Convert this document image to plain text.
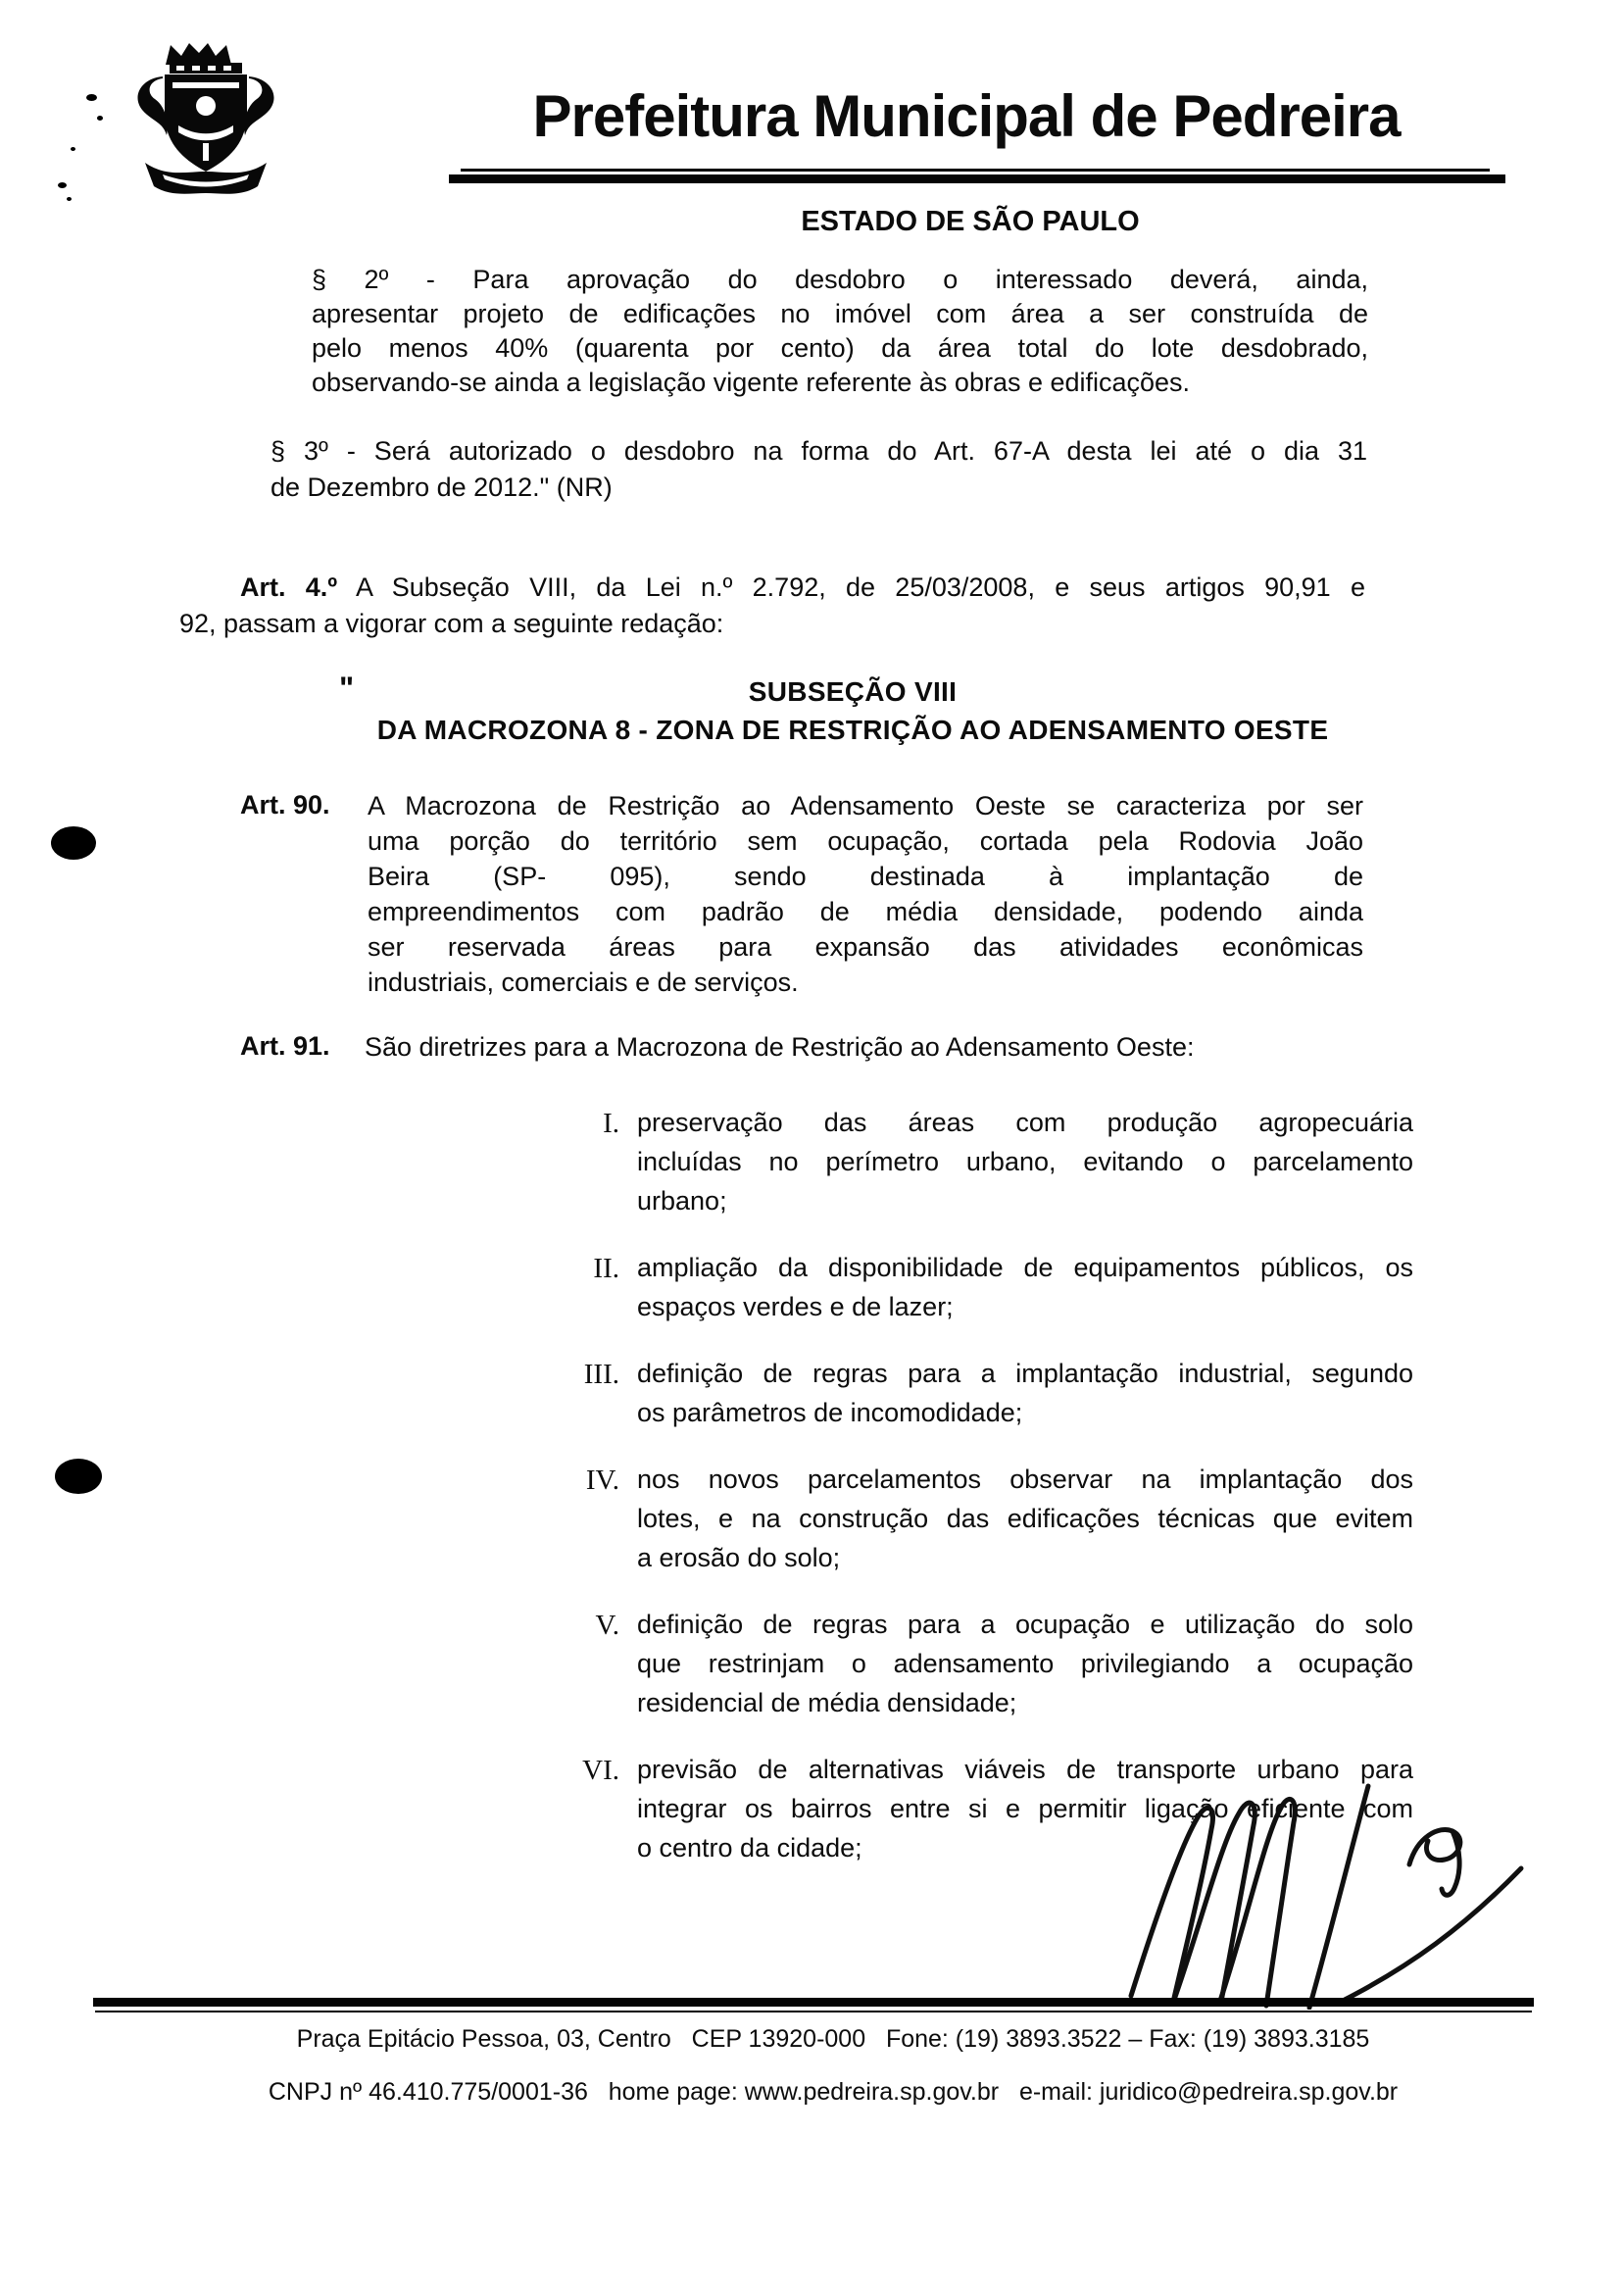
Prefeitura Municipal de Pedreira
ESTADO DE SÃO PAULO
§ 2º - Para aprovação do desdobro o interessado deverá, ainda,
apresentar projeto de edificações no imóvel com área a ser construída de
pelo menos 40% (quarenta por cento) da área total do lote desdobrado,
observando-se ainda a legislação vigente referente às obras e edificações.
§ 3º - Será autorizado o desdobro na forma do Art. 67-A desta lei até o dia 31
de Dezembro de 2012." (NR)
Art. 4.º A Subseção VIII, da Lei n.º 2.792, de 25/03/2008, e seus artigos 90,91 e
92, passam a vigorar com a seguinte redação:
"	SUBSEÇÃO VIII
DA MACROZONA 8 - ZONA DE RESTRIÇÃO AO ADENSAMENTO OESTE
Art. 90. A Macrozona de Restrição ao Adensamento Oeste se caracteriza por ser
uma porção do território sem ocupação, cortada pela Rodovia João
Beira (SP- 095), sendo destinada à implantação de
empreendimentos com padrão de média densidade, podendo ainda
ser reservada áreas para expansão das atividades econômicas
industriais, comerciais e de serviços.
Art. 91. São diretrizes para a Macrozona de Restrição ao Adensamento Oeste:
I. preservação das áreas com produção agropecuária
incluídas no perímetro urbano, evitando o parcelamento
urbano;
II. ampliação da disponibilidade de equipamentos públicos, os
espaços verdes e de lazer;
III. definição de regras para a implantação industrial, segundo
os parâmetros de incomodidade;
IV. nos novos parcelamentos observar na implantação dos
lotes, e na construção das edificações técnicas que evitem
a erosão do solo;
V. definição de regras para a ocupação e utilização do solo
que restrinjam o adensamento privilegiando a ocupação
residencial de média densidade;
VI. previsão de alternativas viáveis de transporte urbano para
integrar os bairros entre si e permitir ligação eficiente com
o centro da cidade;
Praça Epitácio Pessoa, 03, Centro   CEP 13920-000   Fone: (19) 3893.3522 – Fax: (19) 3893.3185
CNPJ nº 46.410.775/0001-36   home page: www.pedreira.sp.gov.br   e-mail: juridico@pedreira.sp.gov.br
